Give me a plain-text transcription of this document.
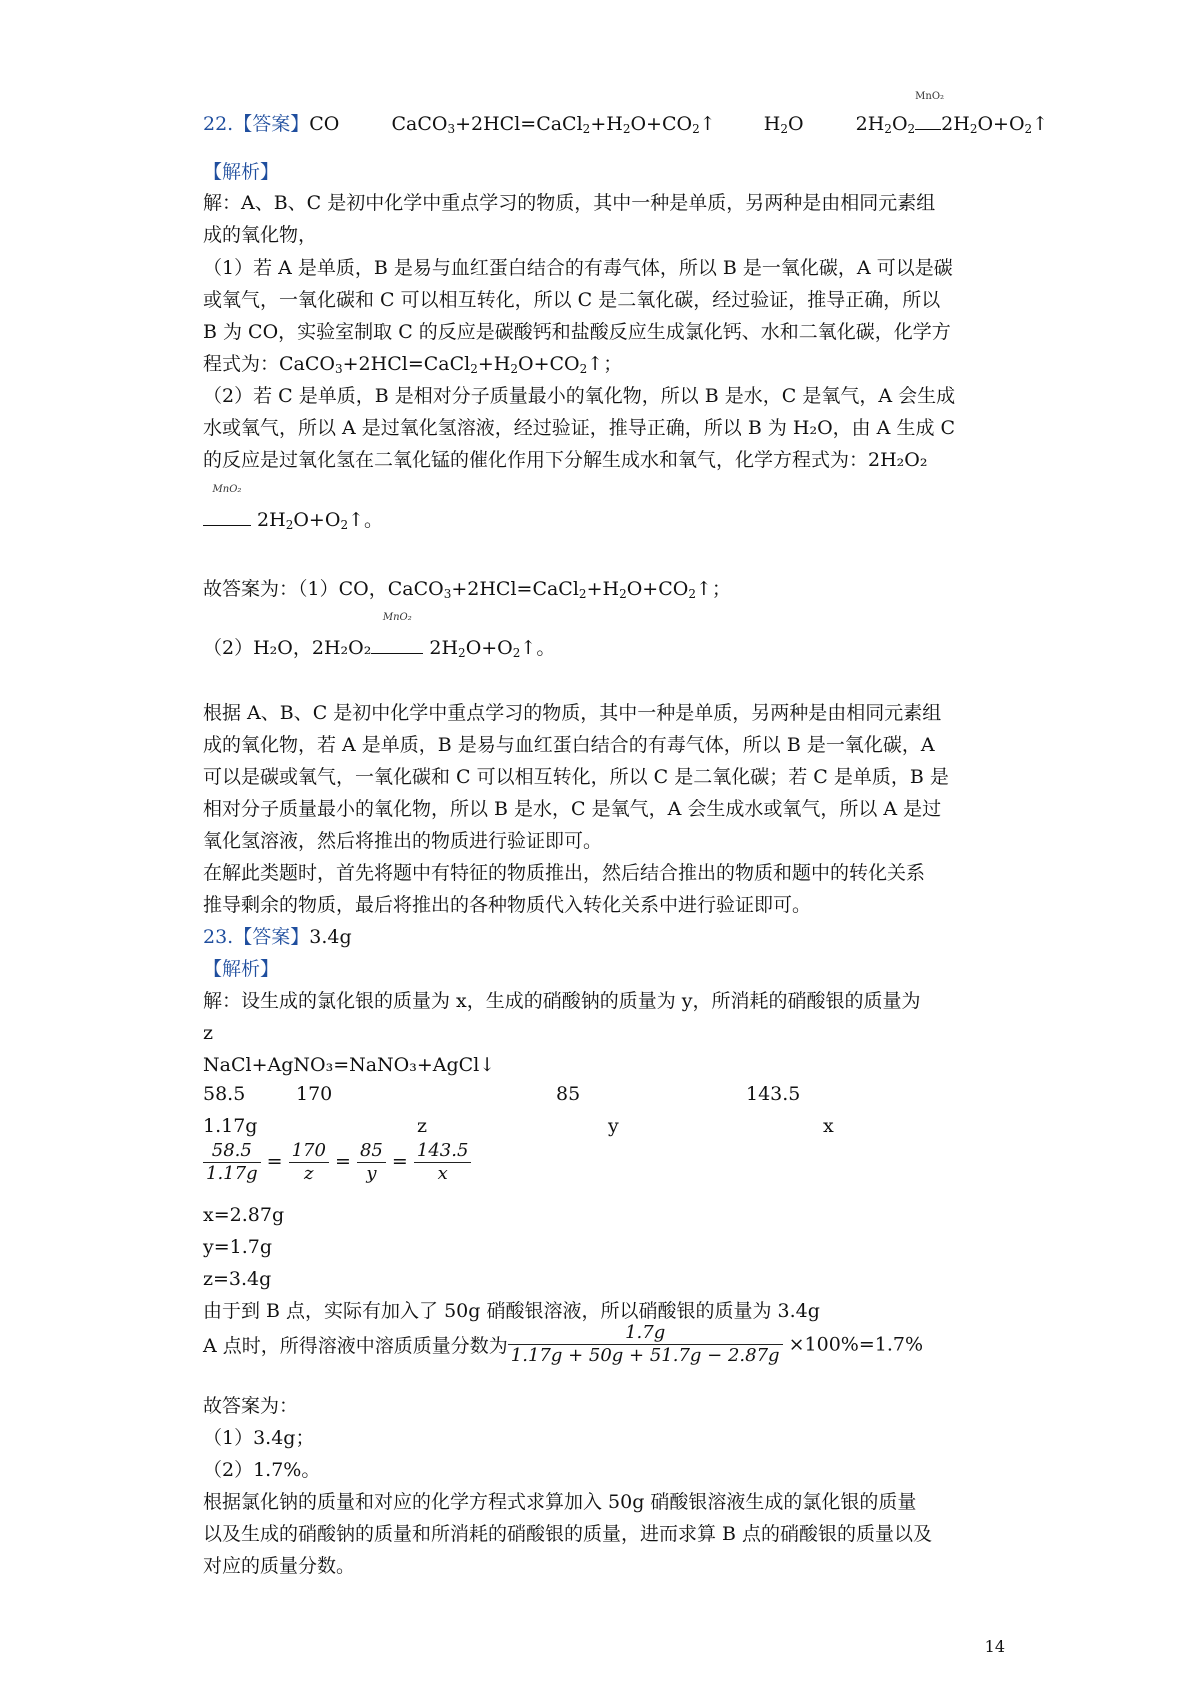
22.【答案】CO	$CaCO_3+2HCl=CaCl_2+H_2O+CO_2↑$	$H_2O$	$2H_2O_2$
MnO₂
$2H_2O+O_2↑$
【解析】
解：A、B、C 是初中化学中重点学习的物质，其中一种是单质，另两种是由相同元素组
成的氧化物，
（1）若 A 是单质，B 是易与血红蛋白结合的有毒气体，所以 B 是一氧化碳，A 可以是碳
或氧气，一氧化碳和 C 可以相互转化，所以 C 是二氧化碳，经过验证，推导正确，所以
B 为 CO，实验室制取 C 的反应是碳酸钙和盐酸反应生成氯化钙、水和二氧化碳，化学方
程式为：$CaCO_3+2HCl=CaCl_2+H_2O+CO_2↑$；
（2）若 C 是单质，B 是相对分子质量最小的氧化物，所以 B 是水，C 是氧气，A 会生成
水或氧气，所以 A 是过氧化氢溶液，经过验证，推导正确，所以 B 为 H₂O，由 A 生成 C
的反应是过氧化氢在二氧化锰的催化作用下分解生成水和氧气，化学方程式为：2H₂O₂
MnO₂
$2H_2O+O_2↑$。
故答案为：（1）CO，$CaCO_3+2HCl=CaCl_2+H_2O+CO_2↑$；
（2）H₂O，2H₂O₂
MnO₂
$2H_2O+O_2↑$。
根据 A、B、C 是初中化学中重点学习的物质，其中一种是单质，另两种是由相同元素组
成的氧化物，若 A 是单质，B 是易与血红蛋白结合的有毒气体，所以 B 是一氧化碳，A
可以是碳或氧气，一氧化碳和 C 可以相互转化，所以 C 是二氧化碳；若 C 是单质，B 是
相对分子质量最小的氧化物，所以 B 是水，C 是氧气，A 会生成水或氧气，所以 A 是过
氧化氢溶液，然后将推出的物质进行验证即可。
在解此类题时，首先将题中有特征的物质推出，然后结合推出的物质和题中的转化关系
推导剩余的物质，最后将推出的各种物质代入转化关系中进行验证即可。
23.【答案】3.4g
【解析】
解：设生成的氯化银的质量为 x，生成的硝酸钠的质量为 y，所消耗的硝酸银的质量为
z
NaCl+AgNO₃=NaNO₃+AgCl↓
58.5	170	85	143.5
1.17g	z	y	x
$\frac{58.5}{1.17g} = \frac{170}{z} = \frac{85}{y} = \frac{143.5}{x}$
x=2.87g
y=1.7g
z=3.4g
由于到 B 点，实际有加入了 50g 硝酸银溶液，所以硝酸银的质量为 3.4g
A 点时，所得溶液中溶质质量分数为 $\frac{1.7g}{1.17g + 50g + 51.7g - 2.87g} \times 100\%=1.7\%$
故答案为：
（1）3.4g；
（2）1.7%。
根据氯化钠的质量和对应的化学方程式求算加入 50g 硝酸银溶液生成的氯化银的质量
以及生成的硝酸钠的质量和所消耗的硝酸银的质量，进而求算 B 点的硝酸银的质量以及
对应的质量分数。
14
